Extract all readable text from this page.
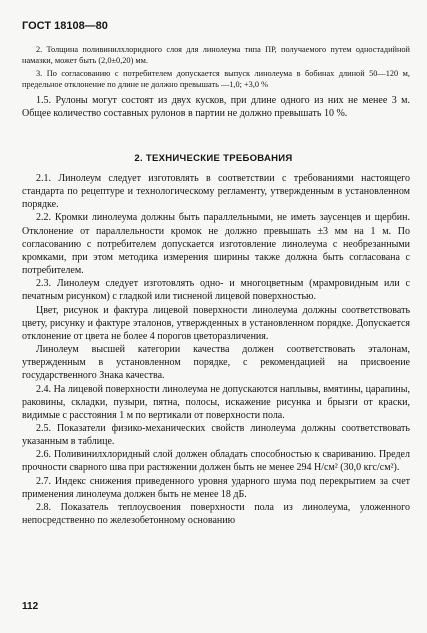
ГОСТ 18108—80
2. Толщина поливинилхлоридного слоя для линолеума типа ПР, получаемого путем одностадийной намазки, может быть (2,0±0,20) мм.
3. По согласованию с потребителем допускается выпуск линолеума в бобинах длиной 50—120 м, предельное отклонение по длине не должно превышать —1,0; +3,0 %
1.5. Рулоны могут состоят из двух кусков, при длине одного из них не менее 3 м. Общее количество составных рулонов в партии не должно превышать 10 %.
2. ТЕХНИЧЕСКИЕ ТРЕБОВАНИЯ

2.1. Линолеум следует изготовлять в соответствии с требованиями настоящего стандарта по рецептуре и технологическому регламенту, утвержденным в установленном порядке.

2.2. Кромки линолеума должны быть параллельными, не иметь заусенцев и щербин. Отклонение от параллельности кромок не должно превышать ±3 мм на 1 м. По согласованию с потребителем допускается изготовление линолеума с необрезанными кромками, при этом методика измерения ширины также должна быть согласована с потребителем.

2.3. Линолеум следует изготовлять одно- и многоцветным (мрамровидным или с печатным рисунком) с гладкой или тисненой лицевой поверхностью.

Цвет, рисунок и фактура лицевой поверхности линолеума должны соответствовать цвету, рисунку и фактуре эталонов, утвержденных в установленном порядке. Допускается отклонение от цвета не более 4 порогов цветоразличения.

Линолеум высшей категории качества должен соответствовать эталонам, утвержденным в установленном порядке, с рекомендацией на присвоение государственного Знака качества.

2.4. На лицевой поверхности линолеума не допускаются наплывы, вмятины, царапины, раковины, складки, пузыри, пятна, полосы, искажение рисунка и брызги от краски, видимые с расстояния 1 м по вертикали от поверхности пола.

2.5. Показатели физико-механических свойств линолеума должны соответствовать указанным в таблице.

2.6. Поливинилхлоридный слой должен обладать способностью к свариванию. Предел прочности сварного шва при растяжении должен быть не менее 294 Н/см² (30,0 кгс/см²).

2.7. Индекс снижения приведенного уровня ударного шума под перекрытием за счет применения линолеума должен быть не менее 18 дБ.

2.8. Показатель теплоусвоения поверхности пола из линолеума, уложенного непосредственно по железобетонному основанию

112
